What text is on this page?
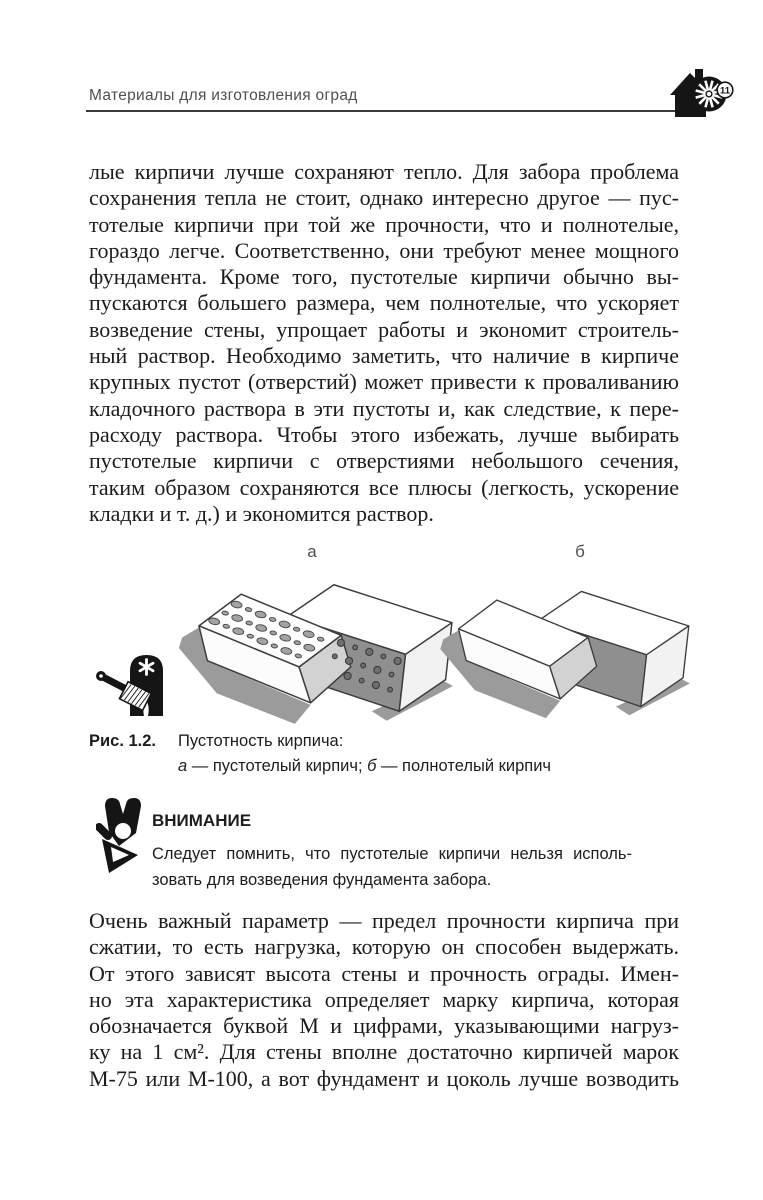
Материалы для изготовления оград	11
лые кирпичи лучше сохраняют тепло. Для забора проблема
сохранения тепла не стоит, однако интересно другое — пус-
тотелые кирпичи при той же прочности, что и полнотелые,
гораздо легче. Соответственно, они требуют менее мощного
фундамента. Кроме того, пустотелые кирпичи обычно вы-
пускаются большего размера, чем полнотелые, что ускоряет
возведение стены, упрощает работы и экономит строитель-
ный раствор. Необходимо заметить, что наличие в кирпиче
крупных пустот (отверстий) может привести к проваливанию
кладочного раствора в эти пустоты и, как следствие, к пере-
расходу раствора. Чтобы этого избежать, лучше выбирать
пустотелые кирпичи с отверстиями небольшого сечения,
таким образом сохраняются все плюсы (легкость, ускорение
кладки и т. д.) и экономится раствор.
а	б
Рис. 1.2. Пустотность кирпича:
а — пустотелый кирпич; б — полнотелый кирпич
ВНИМАНИЕ
Следует помнить, что пустотелые кирпичи нельзя исполь-
зовать для возведения фундамента забора.
Очень важный параметр — предел прочности кирпича при
сжатии, то есть нагрузка, которую он способен выдержать.
От этого зависят высота стены и прочность ограды. Имен-
но эта характеристика определяет марку кирпича, которая
обозначается буквой М и цифрами, указывающими нагруз-
ку на 1 см². Для стены вполне достаточно кирпичей марок
М-75 или М-100, а вот фундамент и цоколь лучше возводить
